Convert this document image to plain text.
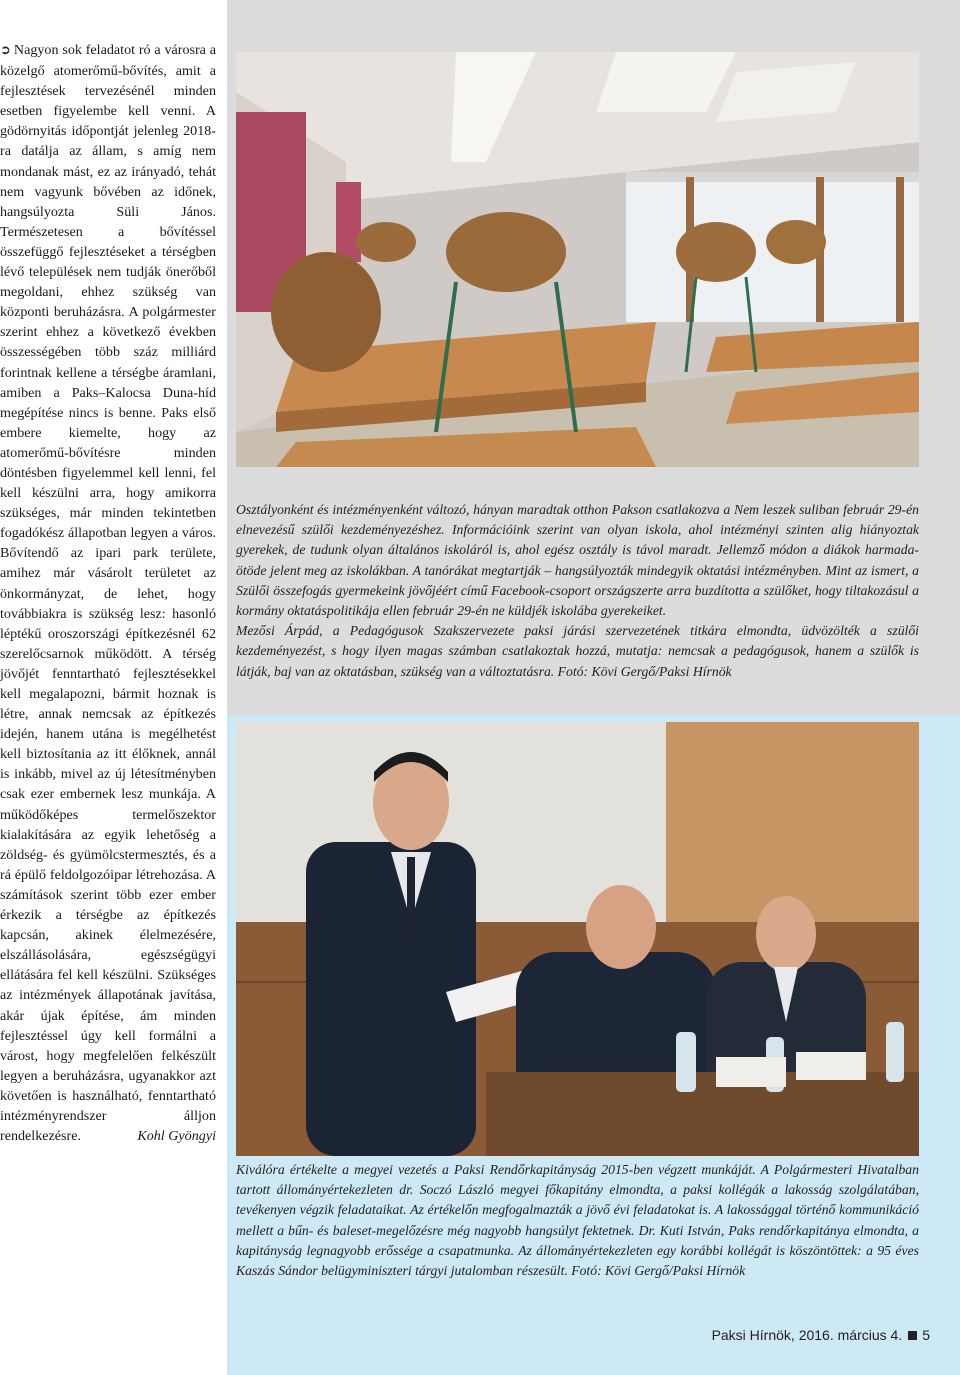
➲ Nagyon sok feladatot ró a városra a közelgő atomerőmű-bővítés, amit a fejlesztések tervezésénél minden esetben figyelembe kell venni. A gödörnyitás időpontját jelenleg 2018-ra datálja az állam, s amíg nem mondanak mást, ez az irányadó, tehát nem vagyunk bővében az időnek, hangsúlyozta Süli János. Természetesen a bővítéssel összefüggő fejlesztéseket a térségben lévő települések nem tudják önerőből megoldani, ehhez szükség van központi beruházásra. A polgármester szerint ehhez a következő években összességében több száz milliárd forintnak kellene a térségbe áramlani, amiben a Paks–Kalocsa Duna-híd megépítése nincs is benne. Paks első embere kiemelte, hogy az atomerőmű-bővítésre minden döntésben figyelemmel kell lenni, fel kell készülni arra, hogy amikorra szükséges, már minden tekintetben fogadókész állapotban legyen a város. Bővítendő az ipari park területe, amihez már vásárolt területet az önkormányzat, de lehet, hogy továbbiakra is szükség lesz: hasonló léptékű oroszországi építkezésnél 62 szerelőcsarnok működött. A térség jövőjét fenntartható fejlesztésekkel kell megalapozni, bármit hoznak is létre, annak nemcsak az építkezés idején, hanem utána is megélhetést kell biztosítania az itt élőknek, annál is inkább, mivel az új létesítményben csak ezer embernek lesz munkája. A működőképes termelőszektor kialakítására az egyik lehetőség a zöldség- és gyümölcstermesztés, és a rá épülő feldolgozóipar létrehozása. A számítások szerint több ezer ember érkezik a térségbe az építkezés kapcsán, akinek élelmezésére, elszállásolására, egészségügyi ellátására fel kell készülni. Szükséges az intézmények állapotának javítása, akár újak építése, ám minden fejlesztéssel úgy kell formálni a várost, hogy megfelelően felkészült legyen a beruházásra, ugyanakkor azt követően is használható, fenntartható intézményrendszer álljon rendelkezésre.	Kohl Gyöngyi

Osztályonként és intézményenként változó, hányan maradtak otthon Pakson csatlakozva a Nem leszek suliban február 29-én elnevezésű szülői kezdeményezéshez. Információink szerint van olyan iskola, ahol intézményi szinten alig hiányoztak gyerekek, de tudunk olyan általános iskoláról is, ahol egész osztály is távol maradt. Jellemző módon a diákok harmada-ötöde jelent meg az iskolákban. A tanórákat megtartják – hangsúlyozták mindegyik oktatási intézményben. Mint az ismert, a Szülői összefogás gyermekeink jövőjéért című Facebook-csoport országszerte arra buzdította a szülőket, hogy tiltakozásul a kormány oktatáspolitikája ellen február 29-én ne küldjék iskolába gyerekeiket.

Mezősi Árpád, a Pedagógusok Szakszervezete paksi járási szervezetének titkára elmondta, üdvözölték a szülői kezdeményezést, s hogy ilyen magas számban csatlakoztak hozzá, mutatja: nemcsak a pedagógusok, hanem a szülők is látják, baj van az oktatásban, szükség van a változtatásra. Fotó: Kövi Gergő/Paksi Hírnök

Kiválóra értékelte a megyei vezetés a Paksi Rendőrkapitányság 2015-ben végzett munkáját. A Polgármesteri Hivatalban tartott állományértekezleten dr. Soczó László megyei főkapitány elmondta, a paksi kollégák a lakosság szolgálatában, tevékenyen végzik feladataikat. Az értékelőn megfogalmazták a jövő évi feladatokat is. A lakossággal történő kommunikáció mellett a bűn- és baleset-megelőzésre még nagyobb hangsúlyt fektetnek. Dr. Kuti István, Paks rendőrkapitánya elmondta, a kapitányság legnagyobb erőssége a csapatmunka. Az állományértekezleten egy korábbi kollégát is köszöntöttek: a 95 éves Kaszás Sándor belügyminiszteri tárgyi jutalomban részesült. Fotó: Kövi Gergő/Paksi Hírnök

Paksi Hírnök, 2016. március 4. 5
